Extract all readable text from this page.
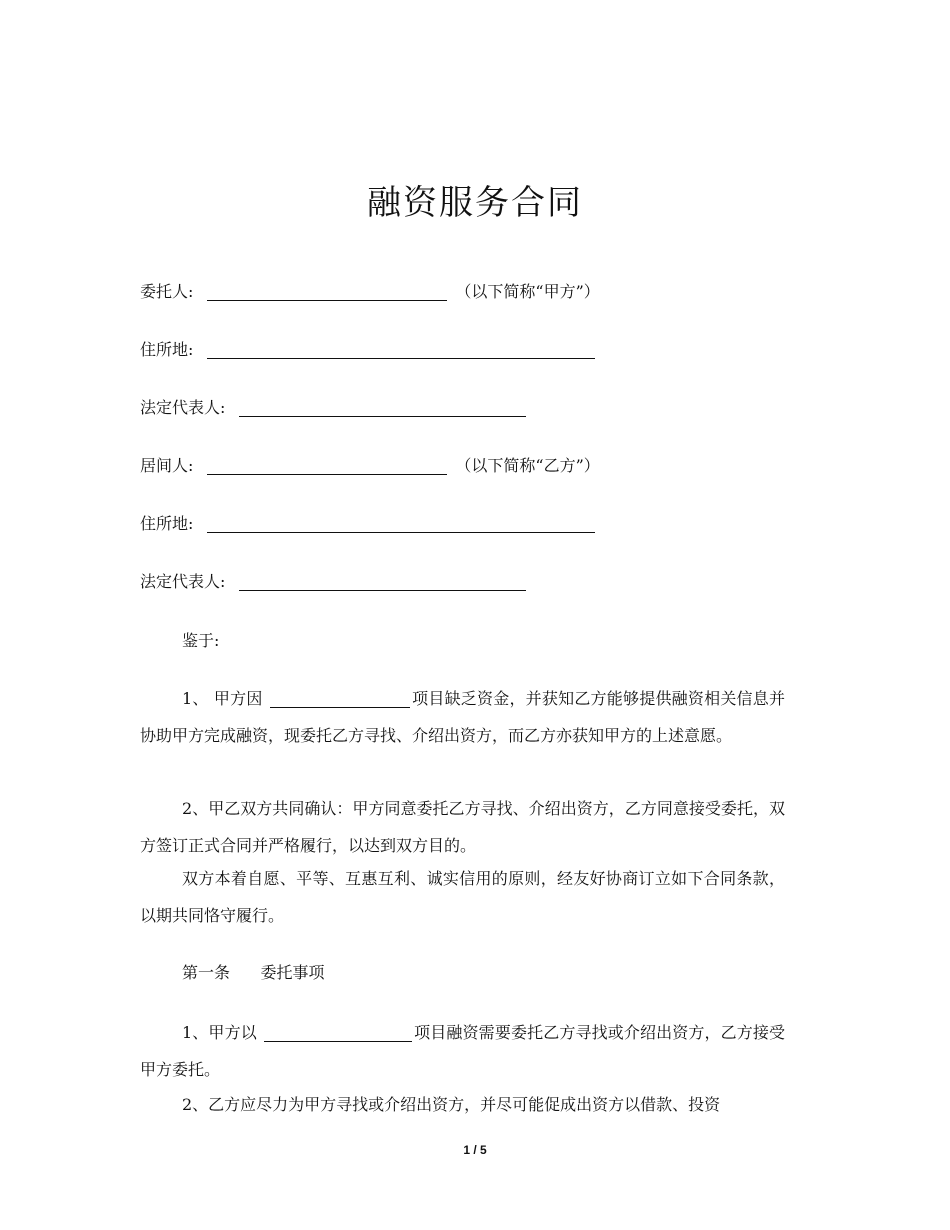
融资服务合同
委托人:	（以下简称“甲方”）
住所地:
法定代表人:
居间人:	（以下简称“乙方”）
住所地:
法定代表人:
鉴于:
1、 甲方因	项目缺乏资金，并获知乙方能够提供融资相关信息并协助甲方完成融资，现委托乙方寻找、介绍出资方，而乙方亦获知甲方的上述意愿。
2、甲乙双方共同确认：甲方同意委托乙方寻找、介绍出资方，乙方同意接受委托，双方签订正式合同并严格履行，以达到双方目的。
双方本着自愿、平等、互惠互利、诚实信用的原则，经友好协商订立如下合同条款，以期共同恪守履行。
第一条      委托事项
1、甲方以	项目融资需要委托乙方寻找或介绍出资方，乙方接受甲方委托。
2、乙方应尽力为甲方寻找或介绍出资方，并尽可能促成出资方以借款、投资
1 / 5
